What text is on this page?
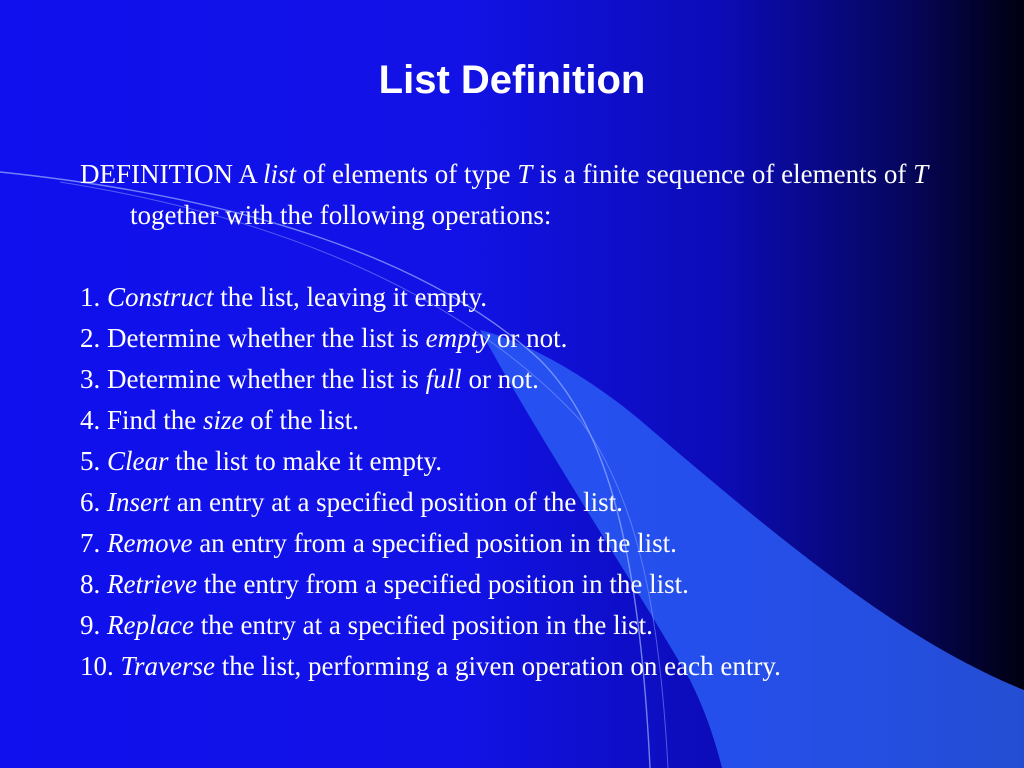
List Definition

DEFINITION A list of elements of type T is a finite sequence of elements of T together with the following operations:

1. Construct the list, leaving it empty.
2. Determine whether the list is empty or not.
3. Determine whether the list is full or not.
4. Find the size of the list.
5. Clear the list to make it empty.
6. Insert an entry at a specified position of the list.
7. Remove an entry from a specified position in the list.
8. Retrieve the entry from a specified position in the list.
9. Replace the entry at a specified position in the list.
10. Traverse the list, performing a given operation on each entry.
